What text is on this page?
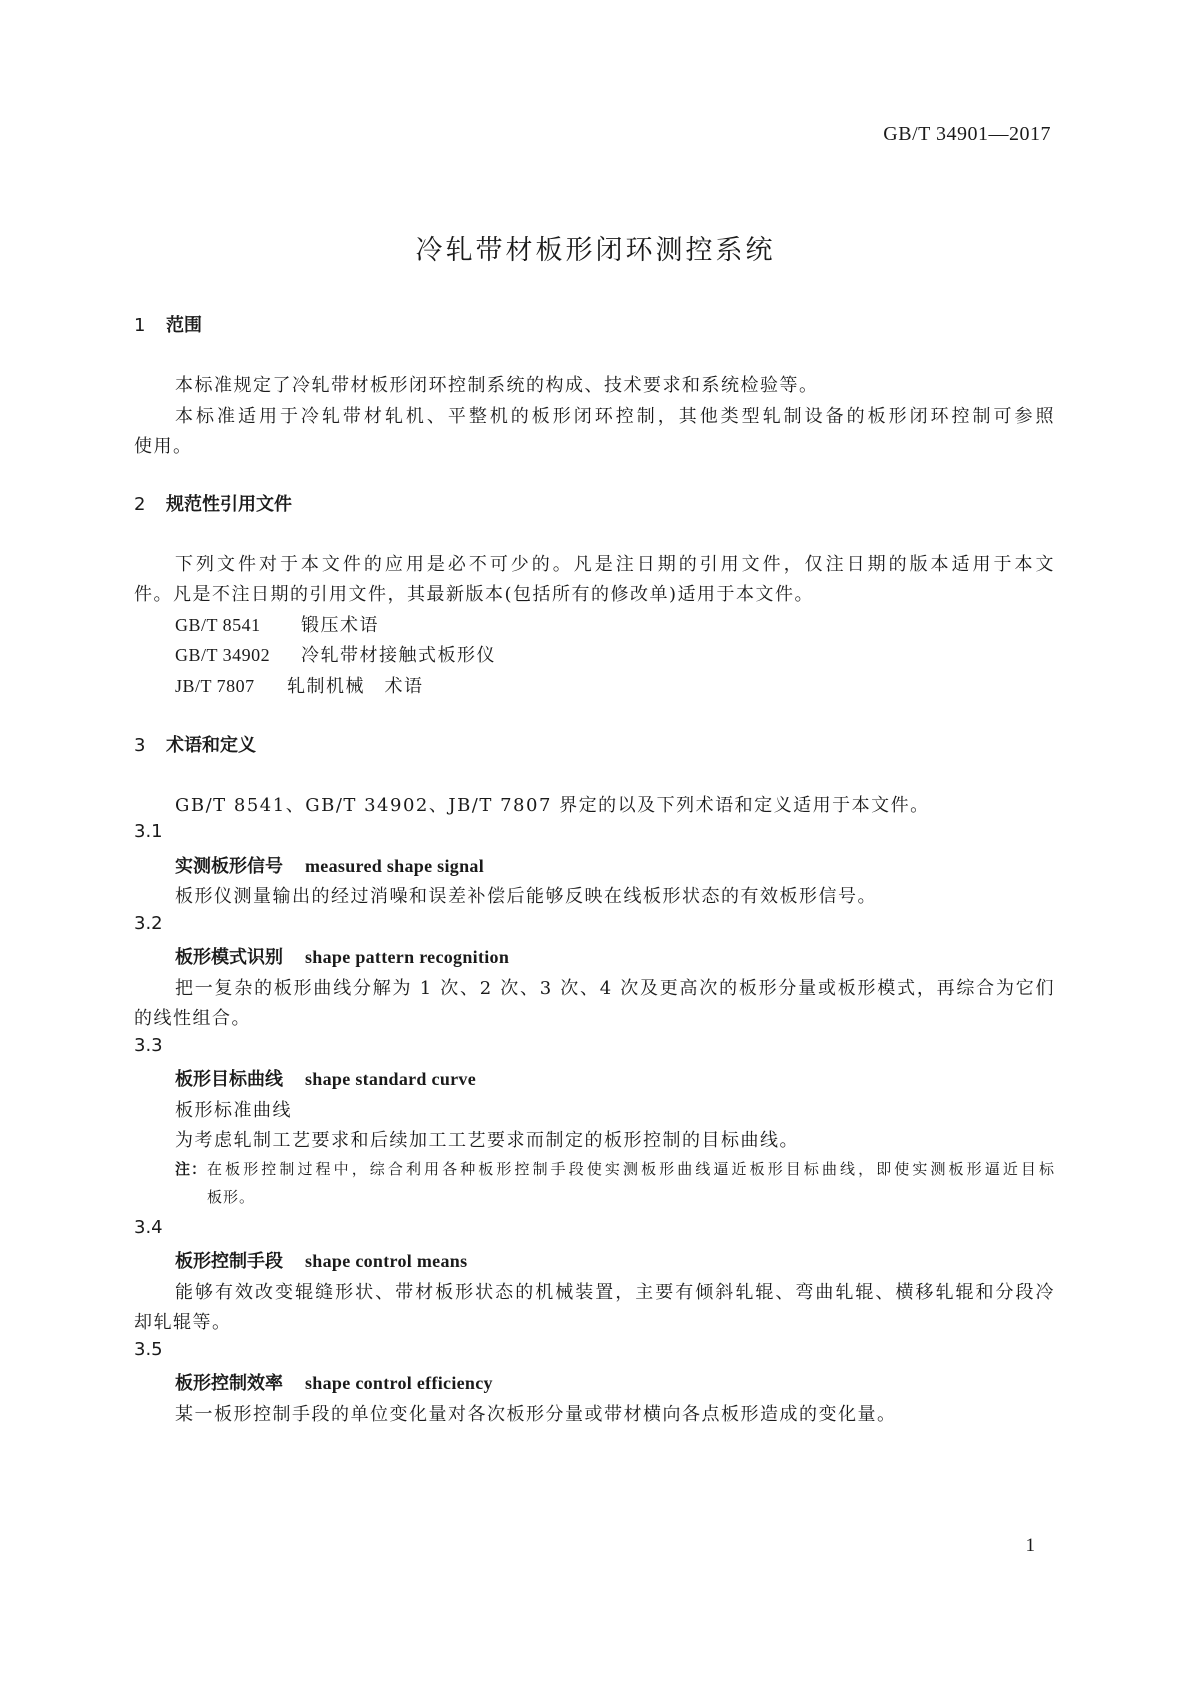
GB/T 34901—2017
冷轧带材板形闭环测控系统
1 范围
本标准规定了冷轧带材板形闭环控制系统的构成、技术要求和系统检验等。
本标准适用于冷轧带材轧机、平整机的板形闭环控制，其他类型轧制设备的板形闭环控制可参照
使用。
2 规范性引用文件
下列文件对于本文件的应用是必不可少的。凡是注日期的引用文件，仅注日期的版本适用于本文
件。凡是不注日期的引用文件，其最新版本(包括所有的修改单)适用于本文件。
GB/T 8541 锻压术语
GB/T 34902 冷轧带材接触式板形仪
JB/T 7807 轧制机械　术语
3 术语和定义
GB/T 8541、GB/T 34902、JB/T 7807 界定的以及下列术语和定义适用于本文件。
3.1
实测板形信号 measured shape signal
板形仪测量输出的经过消噪和误差补偿后能够反映在线板形状态的有效板形信号。
3.2
板形模式识别 shape pattern recognition
把一复杂的板形曲线分解为 1 次、2 次、3 次、4 次及更高次的板形分量或板形模式，再综合为它们
的线性组合。
3.3
板形目标曲线 shape standard curve
板形标准曲线
为考虑轧制工艺要求和后续加工工艺要求而制定的板形控制的目标曲线。
注： 在板形控制过程中，综合利用各种板形控制手段使实测板形曲线逼近板形目标曲线，即使实测板形逼近目标
板形。
3.4
板形控制手段 shape control means
能够有效改变辊缝形状、带材板形状态的机械装置，主要有倾斜轧辊、弯曲轧辊、横移轧辊和分段冷
却轧辊等。
3.5
板形控制效率 shape control efficiency
某一板形控制手段的单位变化量对各次板形分量或带材横向各点板形造成的变化量。
1
